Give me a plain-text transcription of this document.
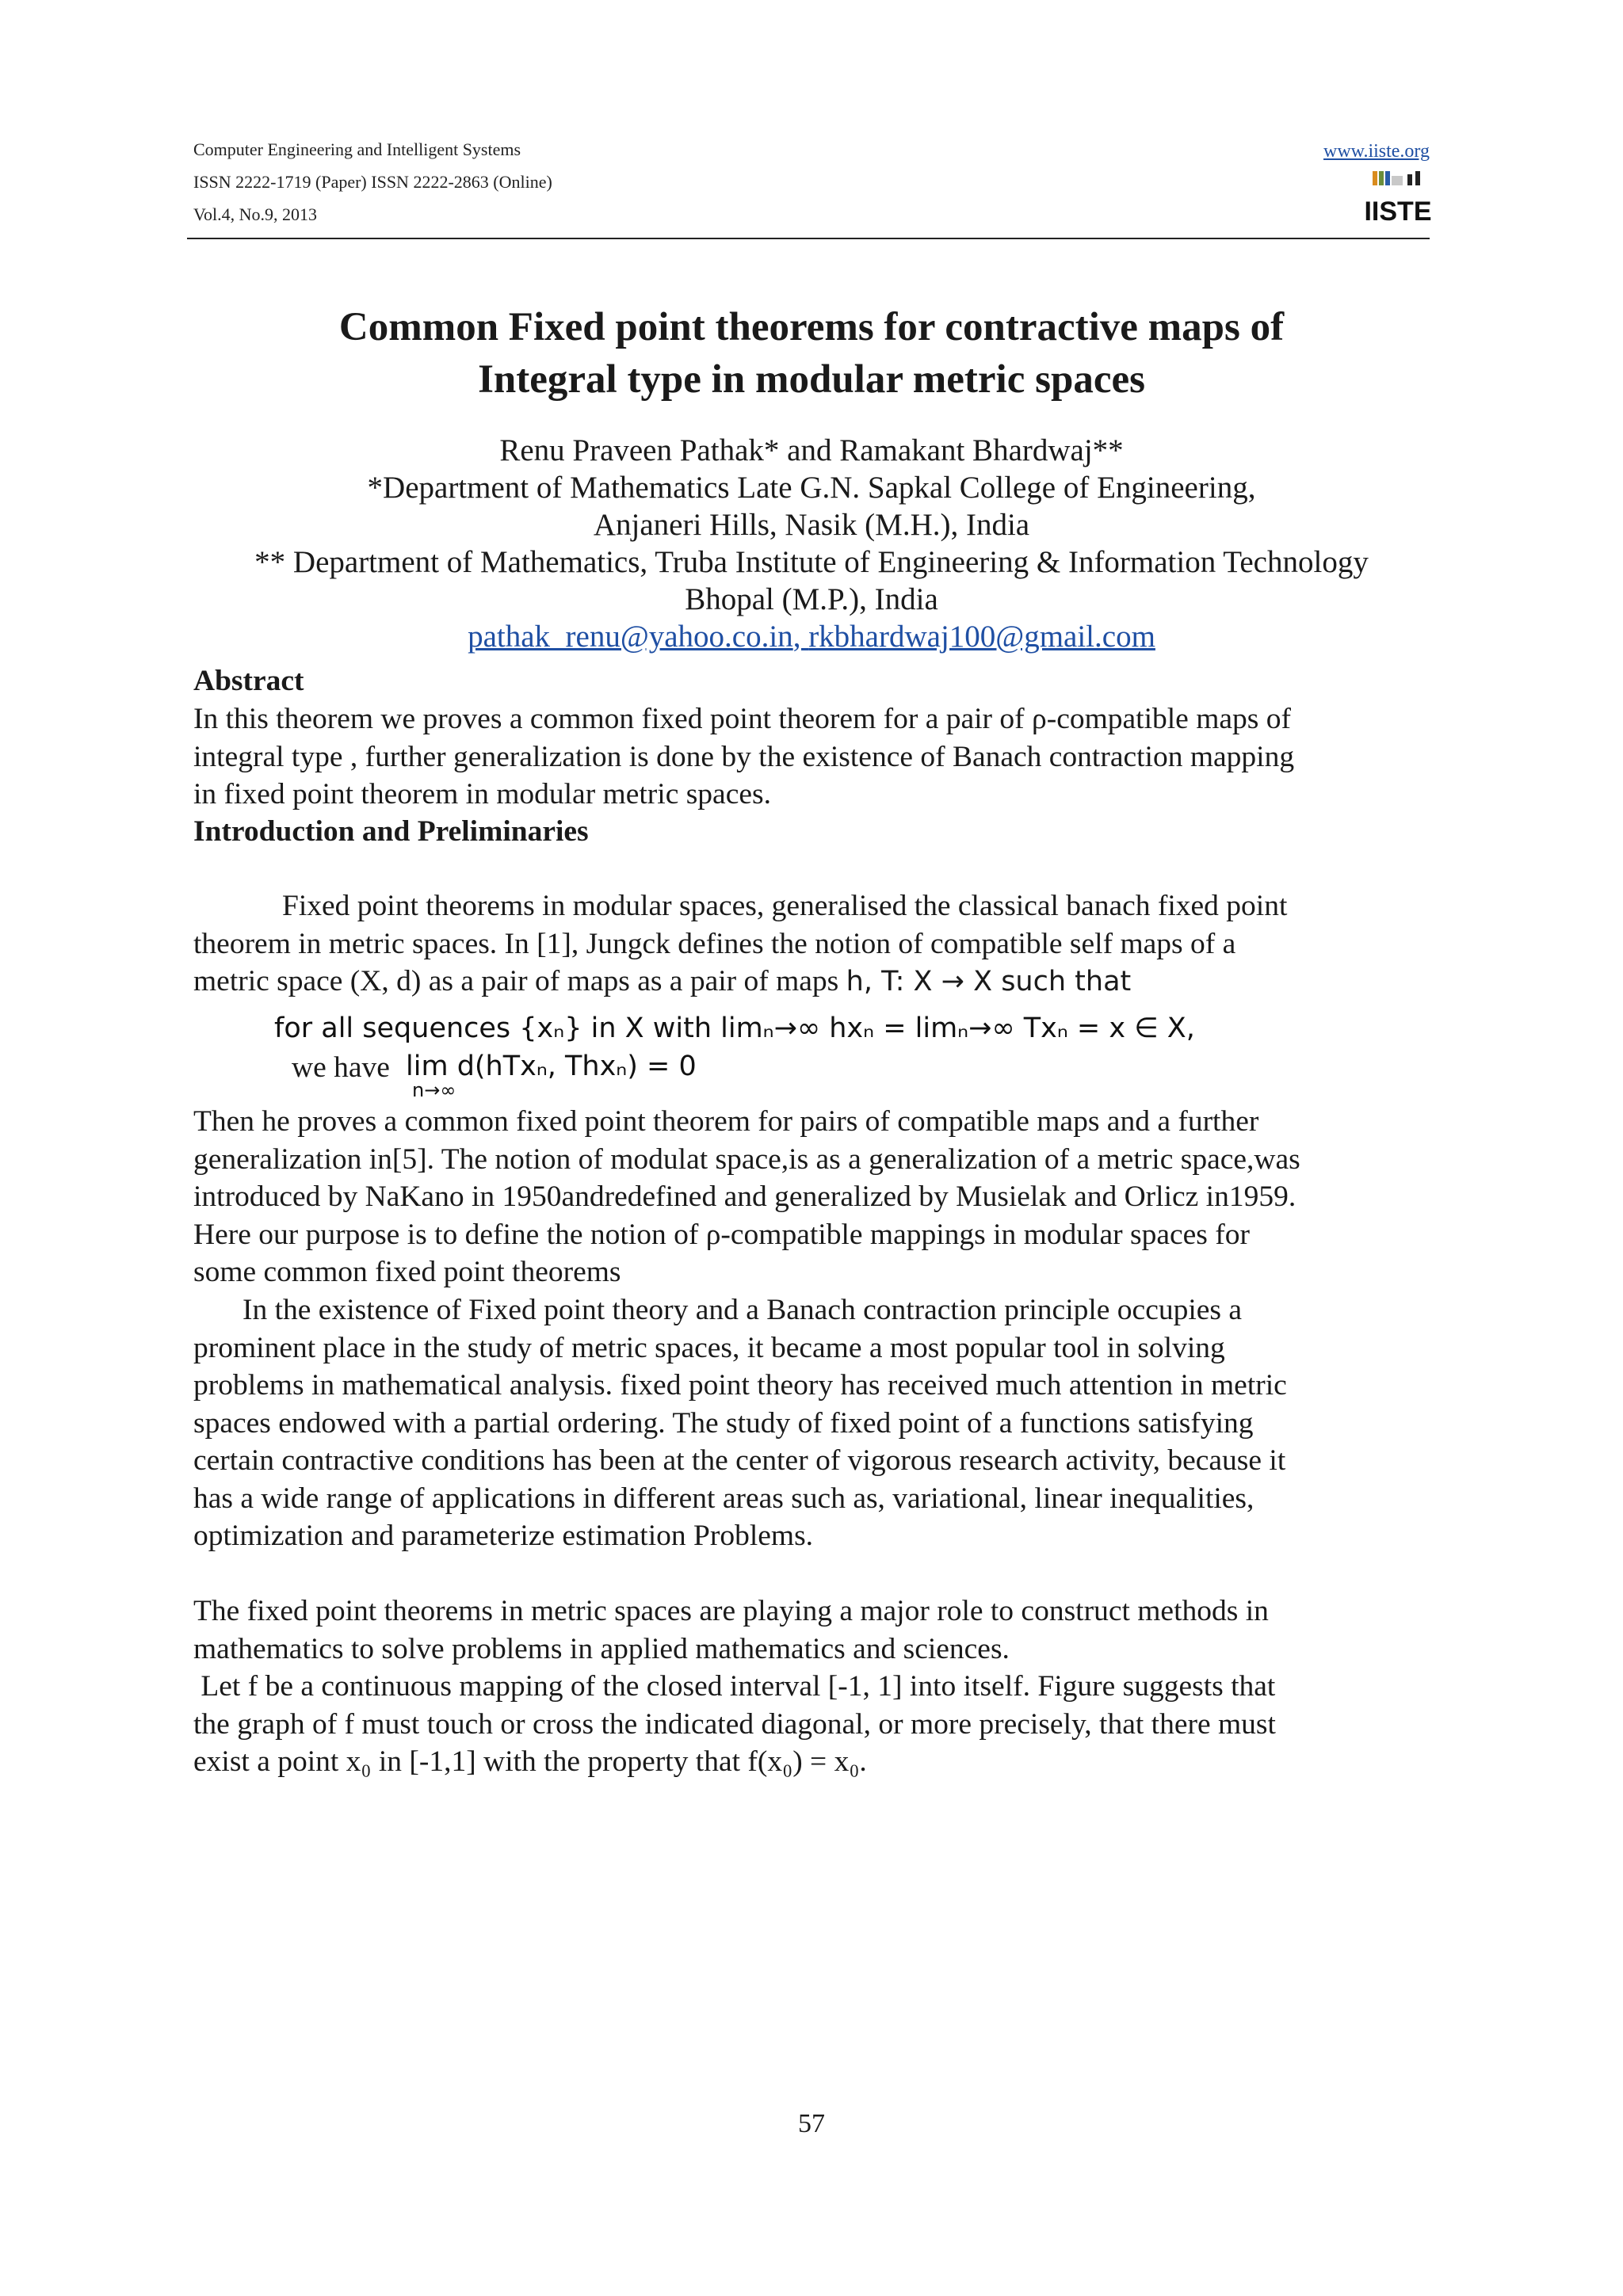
Computer Engineering and Intelligent Systems
ISSN 2222-1719 (Paper) ISSN 2222-2863 (Online)
Vol.4, No.9, 2013
www.iiste.org
IISTE
Common Fixed point theorems for contractive maps of
Integral type in modular metric spaces
Renu Praveen Pathak* and Ramakant Bhardwaj**
*Department of Mathematics Late G.N. Sapkal College of Engineering,
Anjaneri Hills, Nasik (M.H.), India
** Department of Mathematics, Truba Institute of Engineering & Information Technology
Bhopal (M.P.), India
pathak_renu@yahoo.co.in, rkbhardwaj100@gmail.com
Abstract
In this theorem we proves a common fixed point theorem for a pair of ρ-compatible maps of
integral type , further generalization is done by the existence of Banach contraction mapping
in fixed point theorem in modular metric spaces.
Introduction and Preliminaries
Fixed point theorems in modular spaces, generalised the classical banach fixed point
theorem in metric spaces. In [1], Jungck defines the notion of compatible self maps of a
metric space (X, d) as a pair of maps as a pair of maps h, T: X → X such that
for all sequences {xₙ} in X with limₙ→∞ hxₙ = limₙ→∞ Txₙ = x ∈ X,
we have lim
n→∞
d(hTxₙ, Thxₙ) = 0
Then he proves a common fixed point theorem for pairs of compatible maps and a further
generalization in[5]. The notion of modulat space,is as a generalization of a metric space,was
introduced by NaKano in 1950andredefined and generalized by Musielak and Orlicz in1959.
Here our purpose is to define the notion of ρ-compatible mappings in modular spaces for
some common fixed point theorems
In the existence of Fixed point theory and a Banach contraction principle occupies a
prominent place in the study of metric spaces, it became a most popular tool in solving
problems in mathematical analysis. fixed point theory has received much attention in metric
spaces endowed with a partial ordering. The study of fixed point of a functions satisfying
certain contractive conditions has been at the center of vigorous research activity, because it
has a wide range of applications in different areas such as, variational, linear inequalities,
optimization and parameterize estimation Problems.
The fixed point theorems in metric spaces are playing a major role to construct methods in
mathematics to solve problems in applied mathematics and sciences.
Let f be a continuous mapping of the closed interval [-1, 1] into itself. Figure suggests that
the graph of f must touch or cross the indicated diagonal, or more precisely, that there must
exist a point x₀ in [-1,1] with the property that f(x₀) = x₀.
57
